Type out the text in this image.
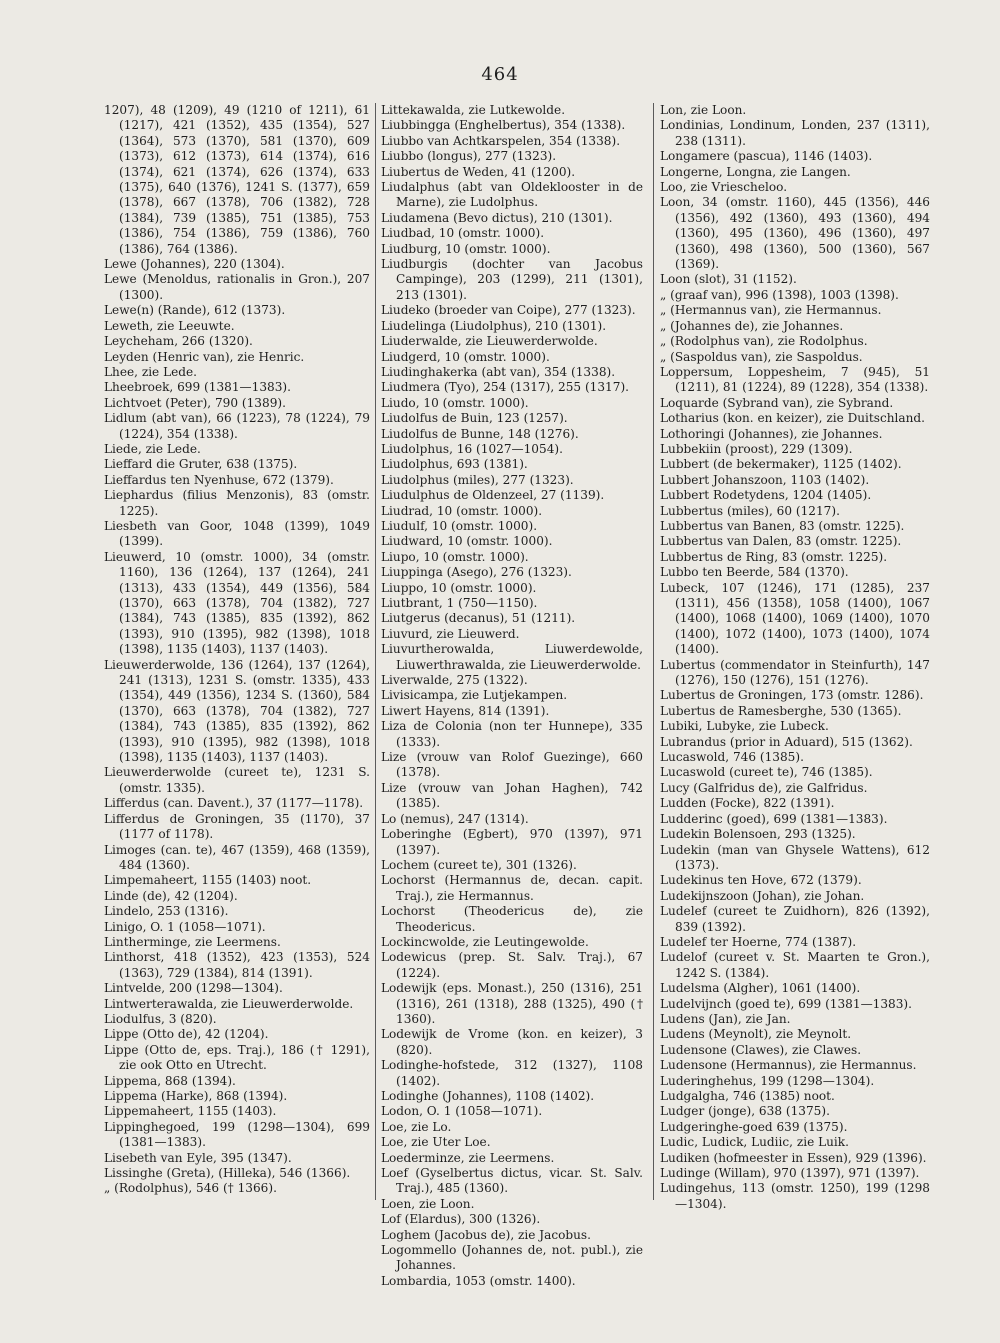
464

1207), 48 (1209), 49 (1210 of 1211), 61 (1217), 421 (1352), 435 (1354), 527 (1364), 573 (1370), 581 (1370), 609 (1373), 612 (1373), 614 (1374), 616 (1374), 621 (1374), 626 (1374), 633 (1375), 640 (1376), 1241 S. (1377), 659 (1378), 667 (1378), 706 (1382), 728 (1384), 739 (1385), 751 (1385), 753 (1386), 754 (1386), 759 (1386), 760 (1386), 764 (1386).

Lewe (Johannes), 220 (1304).

Lewe (Menoldus, rationalis in Gron.), 207 (1300).

Lewe(n) (Rande), 612 (1373).

Leweth, zie Leeuwte.

Leycheham, 266 (1320).

Leyden (Henric van), zie Henric.

Lhee, zie Lede.

Lheebroek, 699 (1381—1383).

Lichtvoet (Peter), 790 (1389).

Lidlum (abt van), 66 (1223), 78 (1224), 79 (1224), 354 (1338).

Liede, zie Lede.

Lieffard die Gruter, 638 (1375).

Lieffardus ten Nyenhuse, 672 (1379).

Liephardus (filius Menzonis), 83 (omstr. 1225).

Liesbeth van Goor, 1048 (1399), 1049 (1399).

Lieuwerd, 10 (omstr. 1000), 34 (omstr. 1160), 136 (1264), 137 (1264), 241 (1313), 433 (1354), 449 (1356), 584 (1370), 663 (1378), 704 (1382), 727 (1384), 743 (1385), 835 (1392), 862 (1393), 910 (1395), 982 (1398), 1018 (1398), 1135 (1403), 1137 (1403).

Lieuwerderwolde, 136 (1264), 137 (1264), 241 (1313), 1231 S. (omstr. 1335), 433 (1354), 449 (1356), 1234 S. (1360), 584 (1370), 663 (1378), 704 (1382), 727 (1384), 743 (1385), 835 (1392), 862 (1393), 910 (1395), 982 (1398), 1018 (1398), 1135 (1403), 1137 (1403).

Lieuwerderwolde (cureet te), 1231 S. (omstr. 1335).

Lifferdus (can. Davent.), 37 (1177—1178).

Lifferdus de Groningen, 35 (1170), 37 (1177 of 1178).

Limoges (can. te), 467 (1359), 468 (1359), 484 (1360).

Limpemaheert, 1155 (1403) noot.

Linde (de), 42 (1204).

Lindelo, 253 (1316).

Linigo, O. 1 (1058—1071).

Lintherminge, zie Leermens.

Linthorst, 418 (1352), 423 (1353), 524 (1363), 729 (1384), 814 (1391).

Lintvelde, 200 (1298—1304).

Lintwerterawalda, zie Lieuwerderwolde.

Liodulfus, 3 (820).

Lippe (Otto de), 42 (1204).

Lippe (Otto de, eps. Traj.), 186 († 1291), zie ook Otto en Utrecht.

Lippema, 868 (1394).

Lippema (Harke), 868 (1394).

Lippemaheert, 1155 (1403).

Lippinghegoed, 199 (1298—1304), 699 (1381—1383).

Lisebeth van Eyle, 395 (1347).

Lissinghe (Greta), (Hilleka), 546 (1366).

„ (Rodolphus), 546 († 1366).

Littekawalda, zie Lutkewolde.

Liubbingga (Enghelbertus), 354 (1338).

Liubbo van Achtkarspelen, 354 (1338).

Liubbo (longus), 277 (1323).

Liubertus de Weden, 41 (1200).

Liudalphus (abt van Oldeklooster in de Marne), zie Ludolphus.

Liudamena (Bevo dictus), 210 (1301).

Liudbad, 10 (omstr. 1000).

Liudburg, 10 (omstr. 1000).

Liudburgis (dochter van Jacobus Campinge), 203 (1299), 211 (1301), 213 (1301).

Liudeko (broeder van Coipe), 277 (1323).

Liudelinga (Liudolphus), 210 (1301).

Liuderwalde, zie Lieuwerderwolde.

Liudgerd, 10 (omstr. 1000).

Liudinghakerka (abt van), 354 (1338).

Liudmera (Tyo), 254 (1317), 255 (1317).

Liudo, 10 (omstr. 1000).

Liudolfus de Buin, 123 (1257).

Liudolfus de Bunne, 148 (1276).

Liudolphus, 16 (1027—1054).

Liudolphus, 693 (1381).

Liudolphus (miles), 277 (1323).

Liudulphus de Oldenzeel, 27 (1139).

Liudrad, 10 (omstr. 1000).

Liudulf, 10 (omstr. 1000).

Liudward, 10 (omstr. 1000).

Liupo, 10 (omstr. 1000).

Liuppinga (Asego), 276 (1323).

Liuppo, 10 (omstr. 1000).

Liutbrant, 1 (750—1150).

Liutgerus (decanus), 51 (1211).

Liuvurd, zie Lieuwerd.

Liuvurtherowalda, Liuwerdewolde, Liuwerthrawalda, zie Lieuwerderwolde.

Liverwalde, 275 (1322).

Livisicampa, zie Lutjekampen.

Liwert Hayens, 814 (1391).

Liza de Colonia (non ter Hunnepe), 335 (1333).

Lize (vrouw van Rolof Guezinge), 660 (1378).

Lize (vrouw van Johan Haghen), 742 (1385).

Lo (nemus), 247 (1314).

Loberinghe (Egbert), 970 (1397), 971 (1397).

Lochem (cureet te), 301 (1326).

Lochorst (Hermannus de, decan. capit. Traj.), zie Hermannus.

Lochorst (Theodericus de), zie Theodericus.

Lockincwolde, zie Leutingewolde.

Lodewicus (prep. St. Salv. Traj.), 67 (1224).

Lodewijk (eps. Monast.), 250 (1316), 251 (1316), 261 (1318), 288 (1325), 490 († 1360).

Lodewijk de Vrome (kon. en keizer), 3 (820).

Lodinghe-hofstede, 312 (1327), 1108 (1402).

Lodinghe (Johannes), 1108 (1402).

Lodon, O. 1 (1058—1071).

Loe, zie Lo.

Loe, zie Uter Loe.

Loederminze, zie Leermens.

Loef (Gyselbertus dictus, vicar. St. Salv. Traj.), 485 (1360).

Loen, zie Loon.

Lof (Elardus), 300 (1326).

Loghem (Jacobus de), zie Jacobus.

Logommello (Johannes de, not. publ.), zie Johannes.

Lombardia, 1053 (omstr. 1400).

Lon, zie Loon.

Londinias, Londinum, Londen, 237 (1311), 238 (1311).

Longamere (pascua), 1146 (1403).

Longerne, Longna, zie Langen.

Loo, zie Vriescheloo.

Loon, 34 (omstr. 1160), 445 (1356), 446 (1356), 492 (1360), 493 (1360), 494 (1360), 495 (1360), 496 (1360), 497 (1360), 498 (1360), 500 (1360), 567 (1369).

Loon (slot), 31 (1152).

„ (graaf van), 996 (1398), 1003 (1398).

„ (Hermannus van), zie Hermannus.

„ (Johannes de), zie Johannes.

„ (Rodolphus van), zie Rodolphus.

„ (Saspoldus van), zie Saspoldus.

Loppersum, Loppesheim, 7 (945), 51 (1211), 81 (1224), 89 (1228), 354 (1338).

Loquarde (Sybrand van), zie Sybrand.

Lotharius (kon. en keizer), zie Duitschland.

Lothoringi (Johannes), zie Johannes.

Lubbekiin (proost), 229 (1309).

Lubbert (de bekermaker), 1125 (1402).

Lubbert Johanszoon, 1103 (1402).

Lubbert Rodetydens, 1204 (1405).

Lubbertus (miles), 60 (1217).

Lubbertus van Banen, 83 (omstr. 1225).

Lubbertus van Dalen, 83 (omstr. 1225).

Lubbertus de Ring, 83 (omstr. 1225).

Lubbo ten Beerde, 584 (1370).

Lubeck, 107 (1246), 171 (1285), 237 (1311), 456 (1358), 1058 (1400), 1067 (1400), 1068 (1400), 1069 (1400), 1070 (1400), 1072 (1400), 1073 (1400), 1074 (1400).

Lubertus (commendator in Steinfurth), 147 (1276), 150 (1276), 151 (1276).

Lubertus de Groningen, 173 (omstr. 1286).

Lubertus de Ramesberghe, 530 (1365).

Lubiki, Lubyke, zie Lubeck.

Lubrandus (prior in Aduard), 515 (1362).

Lucaswold, 746 (1385).

Lucaswold (cureet te), 746 (1385).

Lucy (Galfridus de), zie Galfridus.

Ludden (Focke), 822 (1391).

Ludderinc (goed), 699 (1381—1383).

Ludekin Bolensoen, 293 (1325).

Ludekin (man van Ghysele Wattens), 612 (1373).

Ludekinus ten Hove, 672 (1379).

Ludekijnszoon (Johan), zie Johan.

Ludelef (cureet te Zuidhorn), 826 (1392), 839 (1392).

Ludelef ter Hoerne, 774 (1387).

Ludelof (cureet v. St. Maarten te Gron.), 1242 S. (1384).

Ludelsma (Algher), 1061 (1400).

Ludelvijnch (goed te), 699 (1381—1383).

Ludens (Jan), zie Jan.

Ludens (Meynolt), zie Meynolt.

Ludensone (Clawes), zie Clawes.

Ludensone (Hermannus), zie Hermannus.

Luderinghehus, 199 (1298—1304).

Ludgalgha, 746 (1385) noot.

Ludger (jonge), 638 (1375).

Ludgeringhe-goed 639 (1375).

Ludic, Ludick, Ludiic, zie Luik.

Ludiken (hofmeester in Essen), 929 (1396).

Ludinge (Willam), 970 (1397), 971 (1397).

Ludingehus, 113 (omstr. 1250), 199 (1298—1304).
